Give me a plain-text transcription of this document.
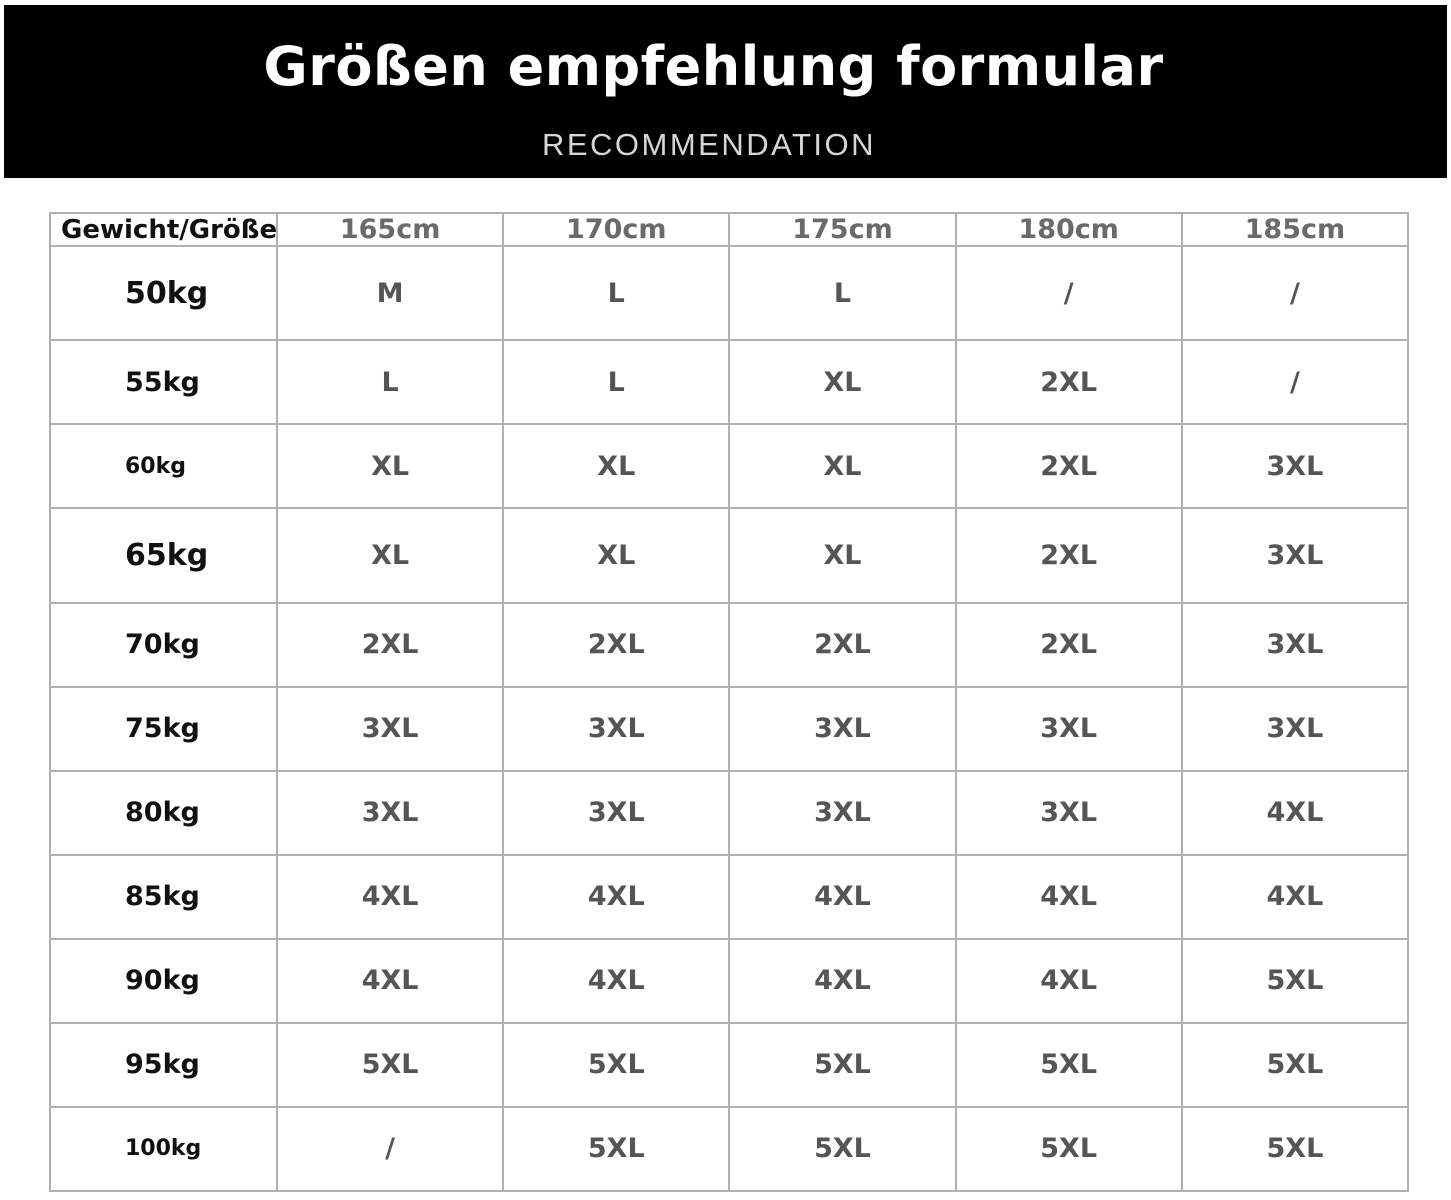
Größen empfehlung formular
RECOMMENDATION
Gewicht/Größe	165cm	170cm	175cm	180cm	185cm
50kg	M	L	L	/	/
55kg	L	L	XL	2XL	/
60kg	XL	XL	XL	2XL	3XL
65kg	XL	XL	XL	2XL	3XL
70kg	2XL	2XL	2XL	2XL	3XL
75kg	3XL	3XL	3XL	3XL	3XL
80kg	3XL	3XL	3XL	3XL	4XL
85kg	4XL	4XL	4XL	4XL	4XL
90kg	4XL	4XL	4XL	4XL	5XL
95kg	5XL	5XL	5XL	5XL	5XL
100kg	/	5XL	5XL	5XL	5XL
